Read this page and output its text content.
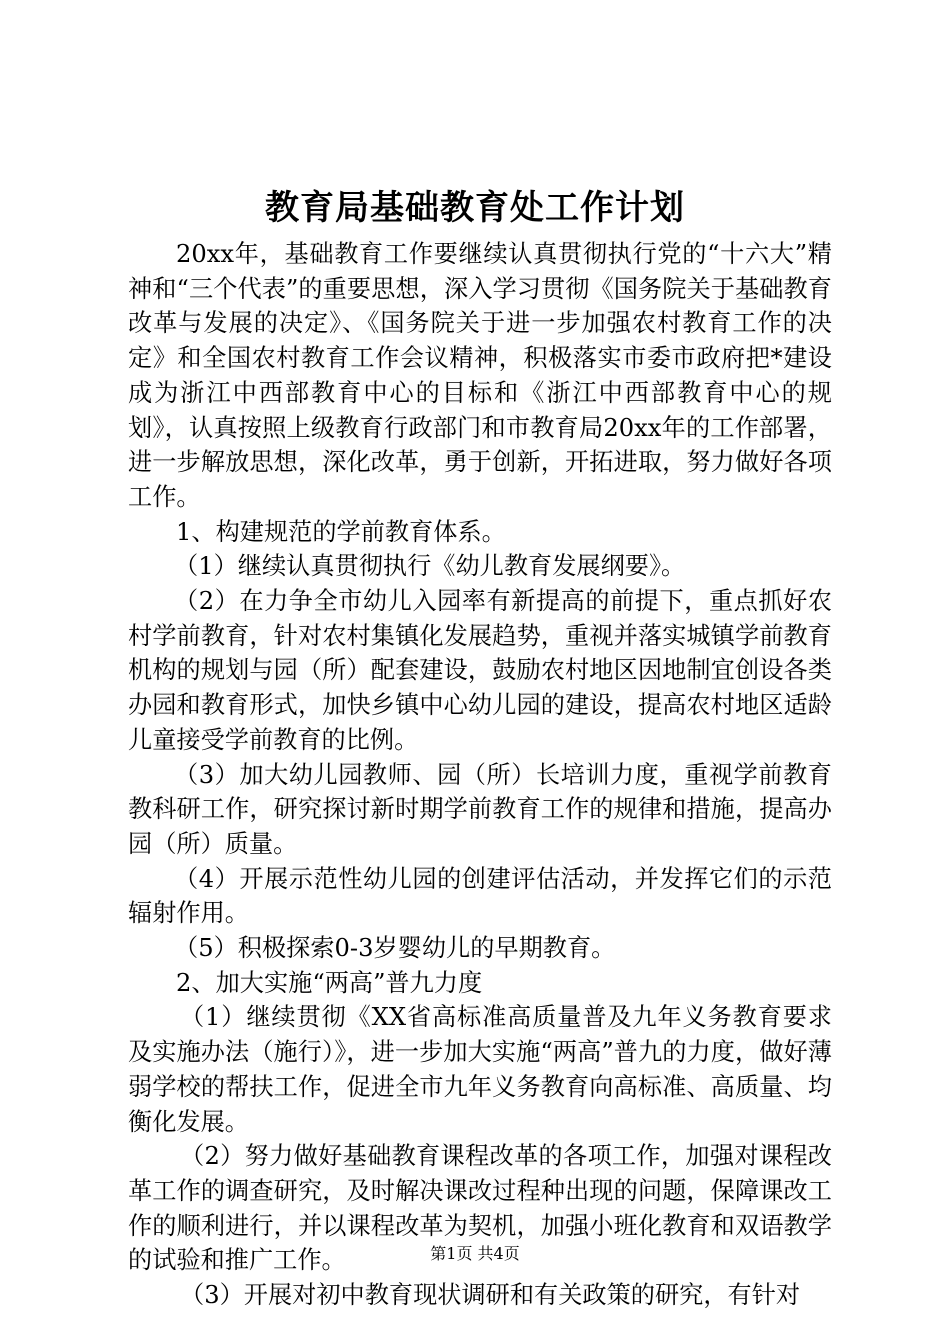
教育局基础教育处工作计划

20xx年，基础教育工作要继续认真贯彻执行党的“十六大”精神和“三个代表”的重要思想，深入学习贯彻《国务院关于基础教育改革与发展的决定》、《国务院关于进一步加强农村教育工作的决定》和全国农村教育工作会议精神，积极落实市委市政府把*建设成为浙江中西部教育中心的目标和《浙江中西部教育中心的规划》，认真按照上级教育行政部门和市教育局20xx年的工作部署，进一步解放思想，深化改革，勇于创新，开拓进取，努力做好各项工作。

1、构建规范的学前教育体系。

（1）继续认真贯彻执行《幼儿教育发展纲要》。

（2）在力争全市幼儿入园率有新提高的前提下，重点抓好农村学前教育，针对农村集镇化发展趋势，重视并落实城镇学前教育机构的规划与园（所）配套建设，鼓励农村地区因地制宜创设各类办园和教育形式，加快乡镇中心幼儿园的建设，提高农村地区适龄儿童接受学前教育的比例。

（3）加大幼儿园教师、园（所）长培训力度，重视学前教育教科研工作，研究探讨新时期学前教育工作的规律和措施，提高办园（所）质量。

（4）开展示范性幼儿园的创建评估活动，并发挥它们的示范辐射作用。

（5）积极探索0-3岁婴幼儿的早期教育。

2、加大实施“两高”普九力度

（1）继续贯彻《XX省高标准高质量普及九年义务教育要求及实施办法（施行）》，进一步加大实施“两高”普九的力度，做好薄弱学校的帮扶工作，促进全市九年义务教育向高标准、高质量、均衡化发展。

（2）努力做好基础教育课程改革的各项工作，加强对课程改革工作的调查研究，及时解决课改过程种出现的问题，保障课改工作的顺利进行，并以课程改革为契机，加强小班化教育和双语教学的试验和推广工作。

（3）开展对初中教育现状调研和有关政策的研究，有针对

第1页 共4页
